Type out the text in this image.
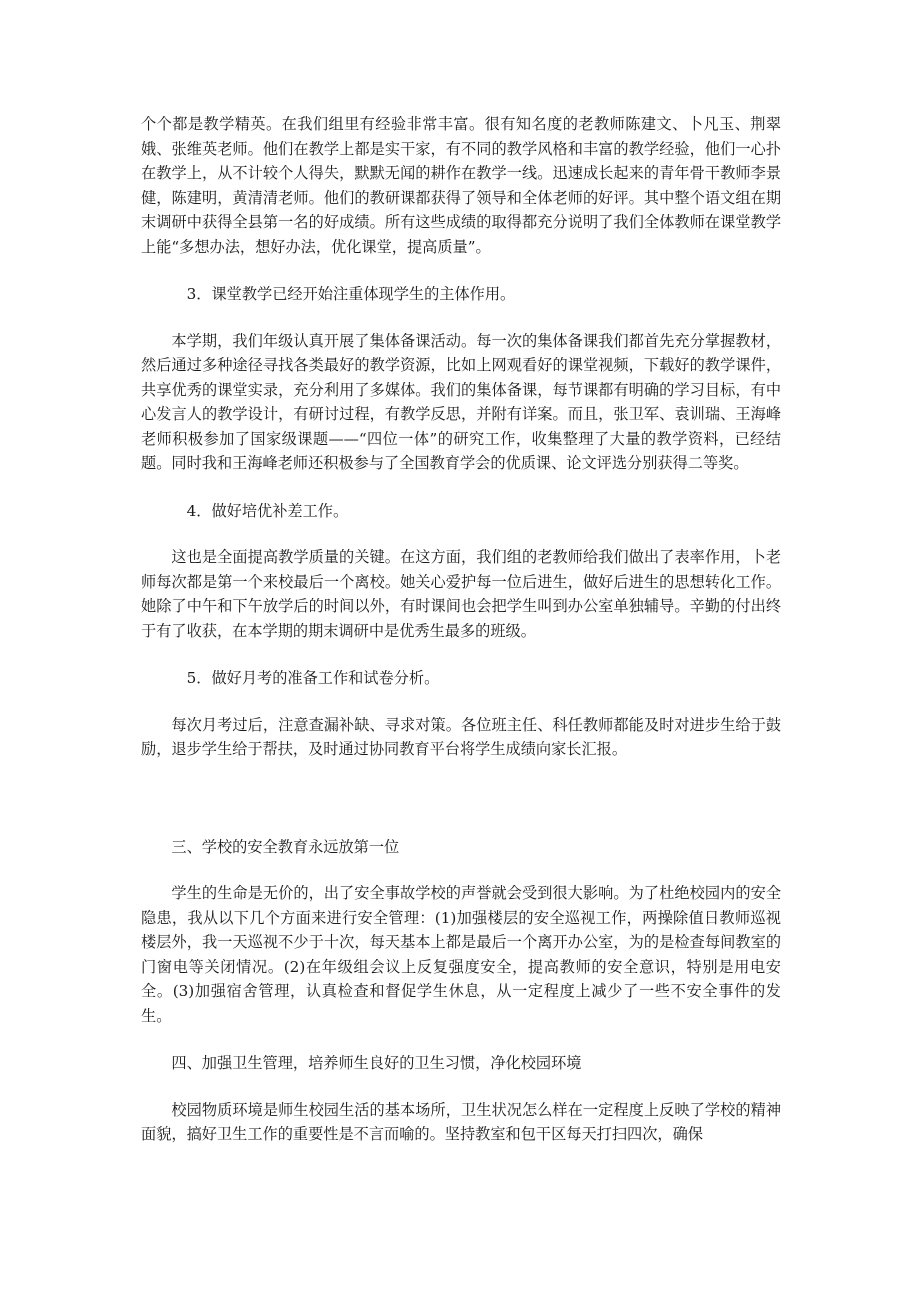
个个都是教学精英。在我们组里有经验非常丰富。很有知名度的老教师陈建文、卜凡玉、荆翠娥、张维英老师。他们在教学上都是实干家，有不同的教学风格和丰富的教学经验，他们一心扑在教学上，从不计较个人得失，默默无闻的耕作在教学一线。迅速成长起来的青年骨干教师李景健，陈建明，黄清清老师。他们的教研课都获得了领导和全体老师的好评。其中整个语文组在期末调研中获得全县第一名的好成绩。所有这些成绩的取得都充分说明了我们全体教师在课堂教学上能“多想办法，想好办法，优化课堂，提高质量”。

3．课堂教学已经开始注重体现学生的主体作用。

本学期，我们年级认真开展了集体备课活动。每一次的集体备课我们都首先充分掌握教材，然后通过多种途径寻找各类最好的教学资源，比如上网观看好的课堂视频，下载好的教学课件，共享优秀的课堂实录，充分利用了多媒体。我们的集体备课，每节课都有明确的学习目标，有中心发言人的教学设计，有研讨过程，有教学反思，并附有详案。而且，张卫军、袁训瑞、王海峰老师积极参加了国家级课题——“四位一体”的研究工作，收集整理了大量的教学资料，已经结题。同时我和王海峰老师还积极参与了全国教育学会的优质课、论文评选分别获得二等奖。

4．做好培优补差工作。

这也是全面提高教学质量的关键。在这方面，我们组的老教师给我们做出了表率作用，卜老师每次都是第一个来校最后一个离校。她关心爱护每一位后进生，做好后进生的思想转化工作。她除了中午和下午放学后的时间以外，有时课间也会把学生叫到办公室单独辅导。辛勤的付出终于有了收获，在本学期的期末调研中是优秀生最多的班级。

5．做好月考的准备工作和试卷分析。

每次月考过后，注意查漏补缺、寻求对策。各位班主任、科任教师都能及时对进步生给于鼓励，退步学生给于帮扶，及时通过协同教育平台将学生成绩向家长汇报。

三、学校的安全教育永远放第一位

学生的生命是无价的，出了安全事故学校的声誉就会受到很大影响。为了杜绝校园内的安全隐患，我从以下几个方面来进行安全管理：(1)加强楼层的安全巡视工作，两操除值日教师巡视楼层外，我一天巡视不少于十次，每天基本上都是最后一个离开办公室，为的是检查每间教室的门窗电等关闭情况。(2)在年级组会议上反复强度安全，提高教师的安全意识，特别是用电安全。(3)加强宿舍管理，认真检查和督促学生休息，从一定程度上减少了一些不安全事件的发生。

四、加强卫生管理，培养师生良好的卫生习惯，净化校园环境

校园物质环境是师生校园生活的基本场所，卫生状况怎么样在一定程度上反映了学校的精神面貌，搞好卫生工作的重要性是不言而喻的。坚持教室和包干区每天打扫四次，确保
